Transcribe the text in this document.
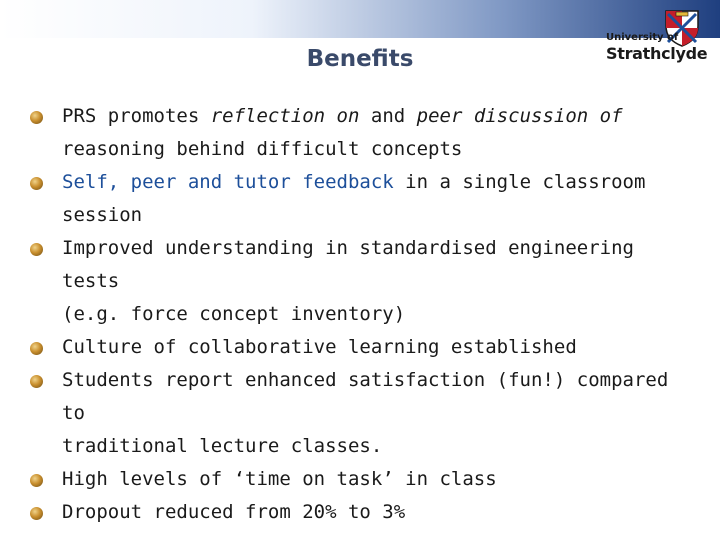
Benefits
University of
Strathclyde
PRS promotes reflection on and peer discussion of
reasoning behind difficult concepts
Self, peer and tutor feedback in a single classroom
session
Improved understanding in standardised engineering tests
(e.g. force concept inventory)
Culture of collaborative learning established
Students report enhanced satisfaction (fun!) compared to
traditional lecture classes.
High levels of ‘time on task’ in class
Dropout reduced from 20% to 3%
